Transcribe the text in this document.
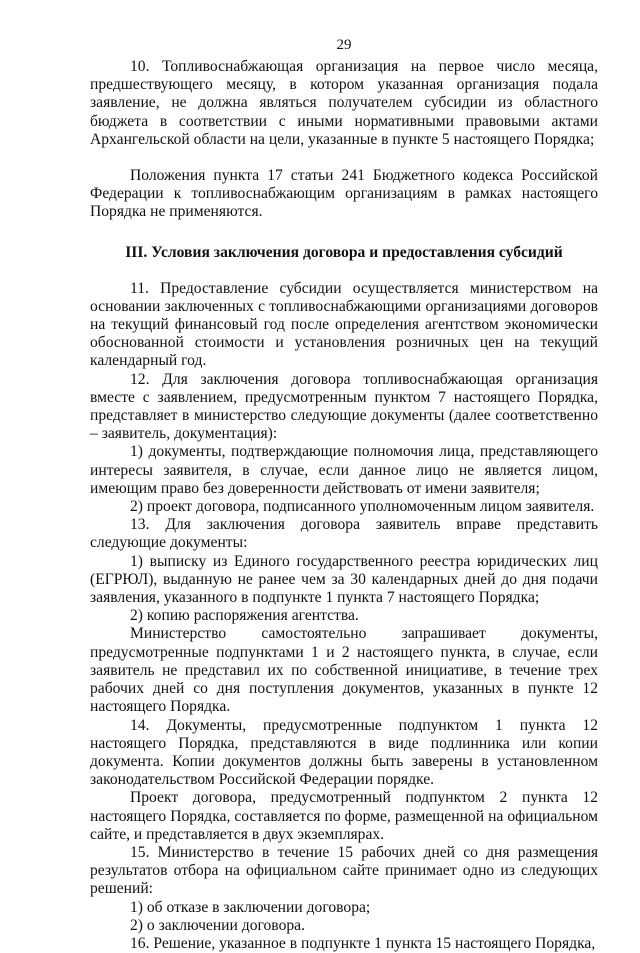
29

10. Топливоснабжающая организация на первое число месяца, предшествующего месяцу, в котором указанная организация подала заявление, не должна являться получателем субсидии из областного бюджета в соответствии с иными нормативными правовыми актами Архангельской области на цели, указанные в пункте 5 настоящего Порядка;

Положения пункта 17 статьи 241 Бюджетного кодекса Российской Федерации к топливоснабжающим организациям в рамках настоящего Порядка не применяются.

III. Условия заключения договора и предоставления субсидий

11. Предоставление субсидии осуществляется министерством на основании заключенных с топливоснабжающими организациями договоров на текущий финансовый год после определения агентством экономически обоснованной стоимости и установления розничных цен на текущий календарный год.

12. Для заключения договора топливоснабжающая организация вместе с заявлением, предусмотренным пунктом 7 настоящего Порядка, представляет в министерство следующие документы (далее соответственно – заявитель, документация):

1) документы, подтверждающие полномочия лица, представляющего интересы заявителя, в случае, если данное лицо не является лицом, имеющим право без доверенности действовать от имени заявителя;

2) проект договора, подписанного уполномоченным лицом заявителя.

13. Для заключения договора заявитель вправе представить следующие документы:

1) выписку из Единого государственного реестра юридических лиц (ЕГРЮЛ), выданную не ранее чем за 30 календарных дней до дня подачи заявления, указанного в подпункте 1 пункта 7 настоящего Порядка;

2) копию распоряжения агентства.

Министерство самостоятельно запрашивает документы, предусмотренные подпунктами 1 и 2 настоящего пункта, в случае, если заявитель не представил их по собственной инициативе, в течение трех рабочих дней со дня поступления документов, указанных в пункте 12 настоящего Порядка.

14. Документы, предусмотренные подпунктом 1 пункта 12 настоящего Порядка, представляются в виде подлинника или копии документа. Копии документов должны быть заверены в установленном законодательством Российской Федерации порядке.

Проект договора, предусмотренный подпунктом 2 пункта 12 настоящего Порядка, составляется по форме, размещенной на официальном сайте, и представляется в двух экземплярах.

15. Министерство в течение 15 рабочих дней со дня размещения результатов отбора на официальном сайте принимает одно из следующих решений:

1) об отказе в заключении договора;

2) о заключении договора.

16. Решение, указанное в подпункте 1 пункта 15 настоящего Порядка,
